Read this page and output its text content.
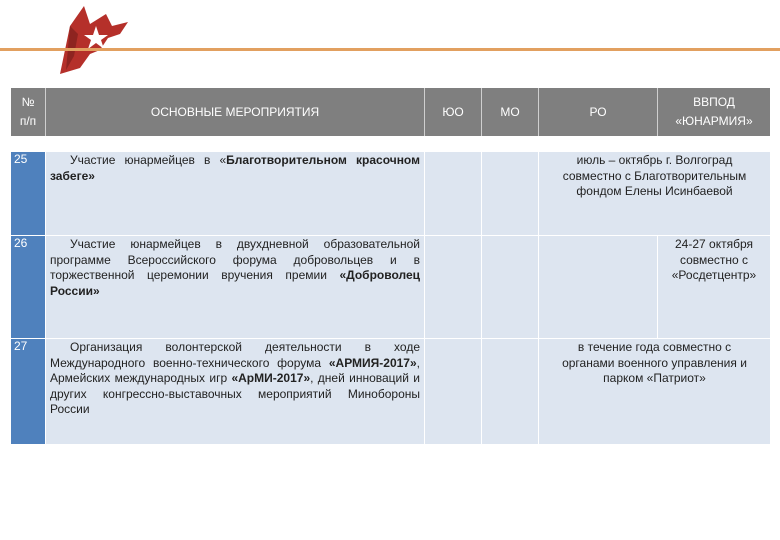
Юнармейский год
№ п/п	ОСНОВНЫЕ МЕРОПРИЯТИЯ	ЮО	МО	РО	ВВПОД «ЮНАРМИЯ»

25	Участие юнармейцев в «Благотворительном красочном забеге»			июль – октябрь г. Волгоград совместно с Благотворительным фондом Елены Исинбаевой	
26	Участие юнармейцев в двухдневной образовательной программе Всероссийского форума добровольцев и в торжественной церемонии вручения премии «Доброволец России»				24-27 октября совместно с «Росдетцентр»
27	Организация волонтерской деятельности в ходе Международного военно-технического форума «АРМИЯ-2017», Армейских международных игр «АрМИ-2017», дней инноваций и других конгрессно-выставочных мероприятий Минобороны России			в течение года совместно с органами военного управления и парком «Патриот»	
